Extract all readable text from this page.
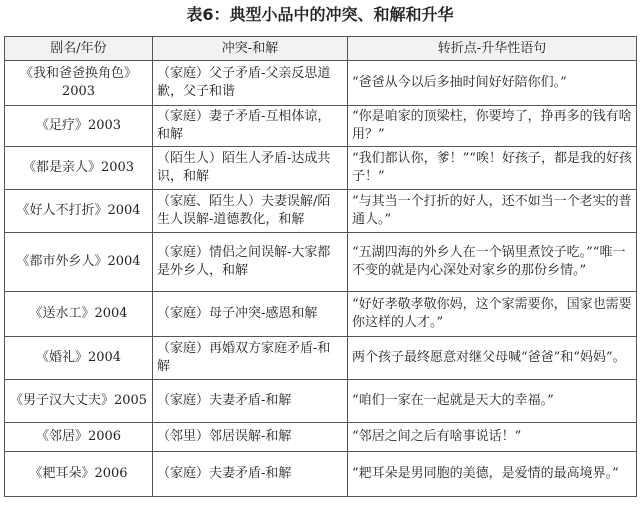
表6：典型小品中的冲突、和解和升华
剧名/年份	冲突-和解	转折点-升华性语句
《我和爸爸换角色》2003	（家庭）父子矛盾-父亲反思道歉，父子和谐	“爸爸从今以后多抽时间好好陪你们。”
《足疗》2003	（家庭）妻子矛盾-互相体谅，和解	“你是咱家的顶梁柱，你要垮了，挣再多的钱有啥用？”
《都是亲人》2003	（陌生人）陌生人矛盾-达成共识，和解	“我们都认你，爹！”“唉！好孩子，都是我的好孩子！”
《好人不打折》2004	（家庭、陌生人）夫妻误解/陌生人误解-道德教化，和解	“与其当一个打折的好人，还不如当一个老实的普通人。”
《都市外乡人》2004	（家庭）情侣之间误解-大家都是外乡人，和解	“五湖四海的外乡人在一个锅里煮饺子吃。”“唯一不变的就是内心深处对家乡的那份乡情。”
《送水工》2004	（家庭）母子冲突-感恩和解	“好好孝敬孝敬你妈，这个家需要你，国家也需要你这样的人才。”
《婚礼》2004	（家庭）再婚双方家庭矛盾-和解	两个孩子最终愿意对继父母喊“爸爸”和“妈妈”。
《男子汉大丈夫》2005	（家庭）夫妻矛盾-和解	“咱们一家在一起就是天大的幸福。”
《邻居》2006	（邻里）邻居误解-和解	“邻居之间之后有啥事说话！”
《耙耳朵》2006	（家庭）夫妻矛盾-和解	“耙耳朵是男同胞的美德，是爱情的最高境界。”
